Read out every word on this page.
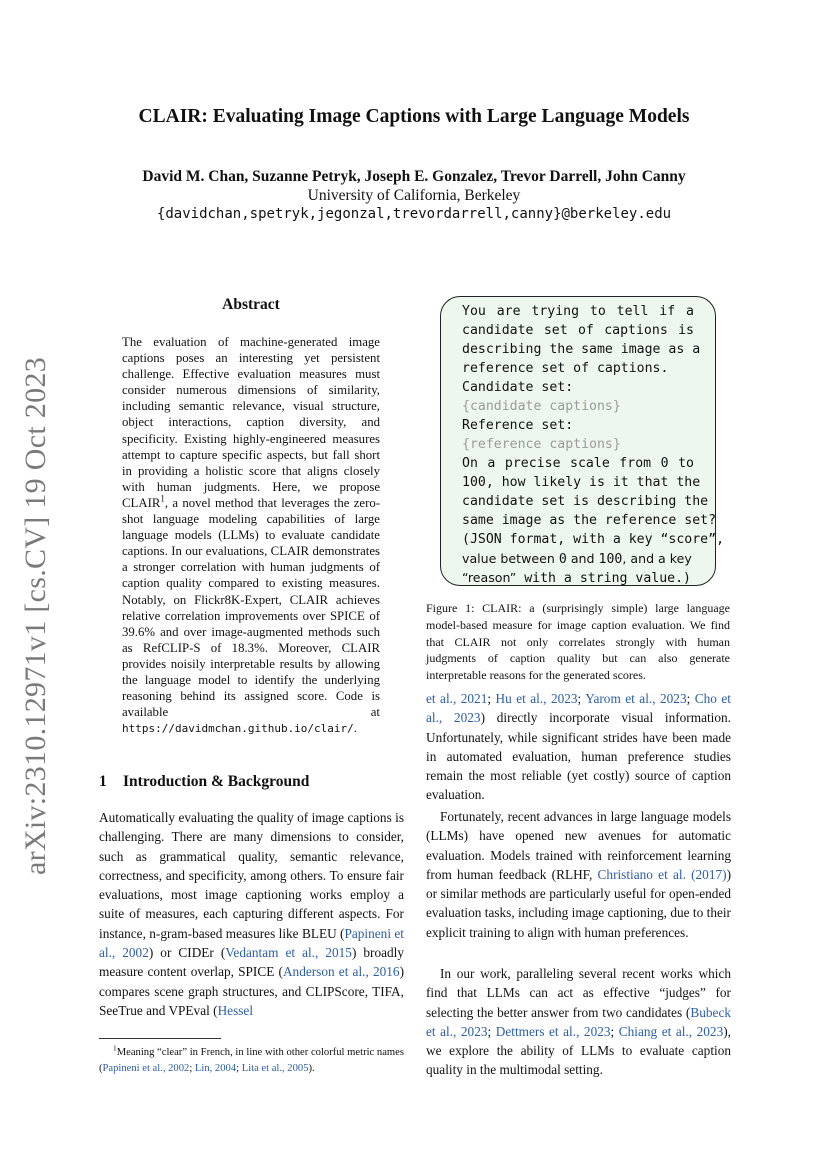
arXiv:2310.12971v1 [cs.CV] 19 Oct 2023
CLAIR: Evaluating Image Captions with Large Language Models
David M. Chan, Suzanne Petryk, Joseph E. Gonzalez, Trevor Darrell, John Canny
University of California, Berkeley
{davidchan,spetryk,jegonzal,trevordarrell,canny}@berkeley.edu
Abstract
The evaluation of machine-generated image captions poses an interesting yet persistent challenge. Effective evaluation measures must consider numerous dimensions of similarity, including semantic relevance, visual structure, object interactions, caption diversity, and specificity. Existing highly-engineered measures attempt to capture specific aspects, but fall short in providing a holistic score that aligns closely with human judgments. Here, we propose CLAIR$^1$, a novel method that leverages the zero-shot language modeling capabilities of large language models (LLMs) to evaluate candidate captions. In our evaluations, CLAIR demonstrates a stronger correlation with human judgments of caption quality compared to existing measures. Notably, on Flickr8K-Expert, CLAIR achieves relative correlation improvements over SPICE of 39.6% and over image-augmented methods such as RefCLIP-S of 18.3%. Moreover, CLAIR provides noisily interpretable results by allowing the language model to identify the underlying reasoning behind its assigned score. Code is available at https://davidmchan.github.io/clair/.
1 Introduction & Background
Automatically evaluating the quality of image captions is challenging. There are many dimensions to consider, such as grammatical quality, semantic relevance, correctness, and specificity, among others. To ensure fair evaluations, most image captioning works employ a suite of measures, each capturing different aspects. For instance, n-gram-based measures like BLEU (Papineni et al., 2002) or CIDEr (Vedantam et al., 2015) broadly measure content overlap, SPICE (Anderson et al., 2016) compares scene graph structures, and CLIPScore, TIFA, SeeTrue and VPEval (Hessel
$^1$Meaning “clear” in French, in line with other colorful metric names (Papineni et al., 2002; Lin, 2004; Lita et al., 2005).
You are trying to tell if a
candidate set of captions is
describing the same image as a
reference set of captions.
Candidate set:
{candidate captions}
Reference set:
{reference captions}
On a precise scale from 0 to
100, how likely is it that the
candidate set is describing the
same image as the reference set?
(JSON format, with a key “score”,
value between 0 and 100, and a key
“reason” with a string value.)
Figure 1: CLAIR: a (surprisingly simple) large language model-based measure for image caption evaluation. We find that CLAIR not only correlates strongly with human judgments of caption quality but can also generate interpretable reasons for the generated scores.
et al., 2021; Hu et al., 2023; Yarom et al., 2023; Cho et al., 2023) directly incorporate visual information. Unfortunately, while significant strides have been made in automated evaluation, human preference studies remain the most reliable (yet costly) source of caption evaluation.
Fortunately, recent advances in large language models (LLMs) have opened new avenues for automatic evaluation. Models trained with reinforcement learning from human feedback (RLHF, Christiano et al. (2017)) or similar methods are particularly useful for open-ended evaluation tasks, including image captioning, due to their explicit training to align with human preferences.
In our work, paralleling several recent works which find that LLMs can act as effective “judges” for selecting the better answer from two candidates (Bubeck et al., 2023; Dettmers et al., 2023; Chiang et al., 2023), we explore the ability of LLMs to evaluate caption quality in the multimodal setting.
